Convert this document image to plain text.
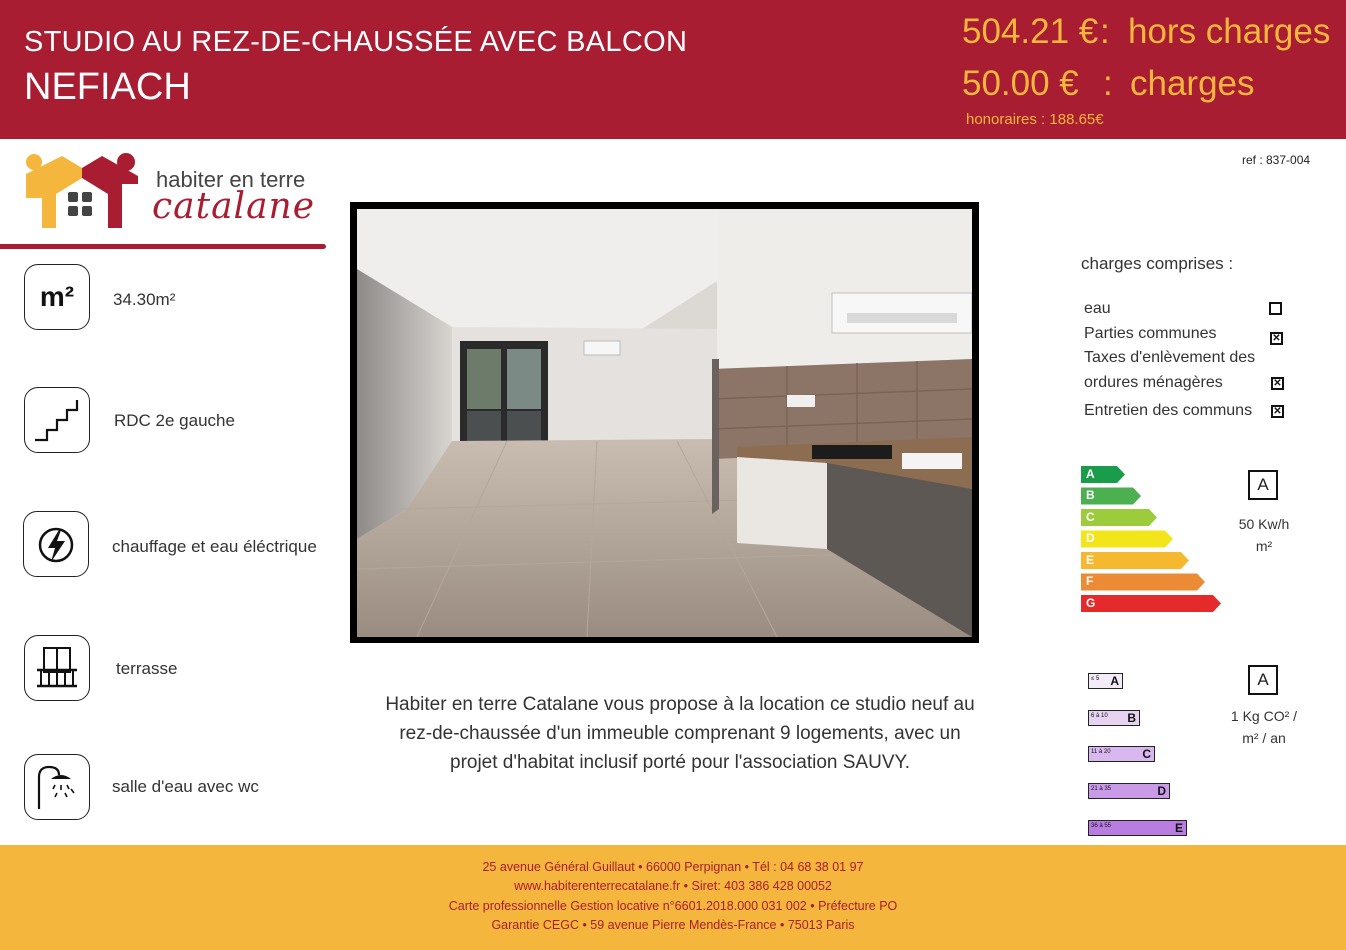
STUDIO AU REZ-DE-CHAUSSÉE AVEC BALCON
NEFIACH
504.21 € : hors charges
50.00 € : charges
honoraires : 188.65€
habiter en terre
catalane
ref : 837-004
m²	34.30m²
RDC 2e gauche
chauffage et eau éléctrique
terrasse
salle d'eau avec wc
Habiter en terre Catalane vous propose à la location ce studio neuf au rez-de-chaussée d'un immeuble comprenant 9 logements, avec un projet d'habitat inclusif porté pour l'association SAUVY.
charges comprises :
eau
Parties communes	✕
Taxes d'enlèvement des
ordures ménagères	✕
Entretien des communs ✕
A
B
C
D
E
F
G
A
50 Kw/h
m²
≤ 5 A
6 à 10 B
11 à 20	C
21 à 35	D
36 à 55	E
A
1 Kg CO² /
m² / an
25 avenue Général Guillaut • 66000 Perpignan • Tél : 04 68 38 01 97
www.habiterenterrecatalane.fr • Siret: 403 386 428 00052
Carte professionnelle Gestion locative n°6601.2018.000 031 002 • Préfecture PO
Garantie CEGC • 59 avenue Pierre Mendès-France • 75013 Paris
